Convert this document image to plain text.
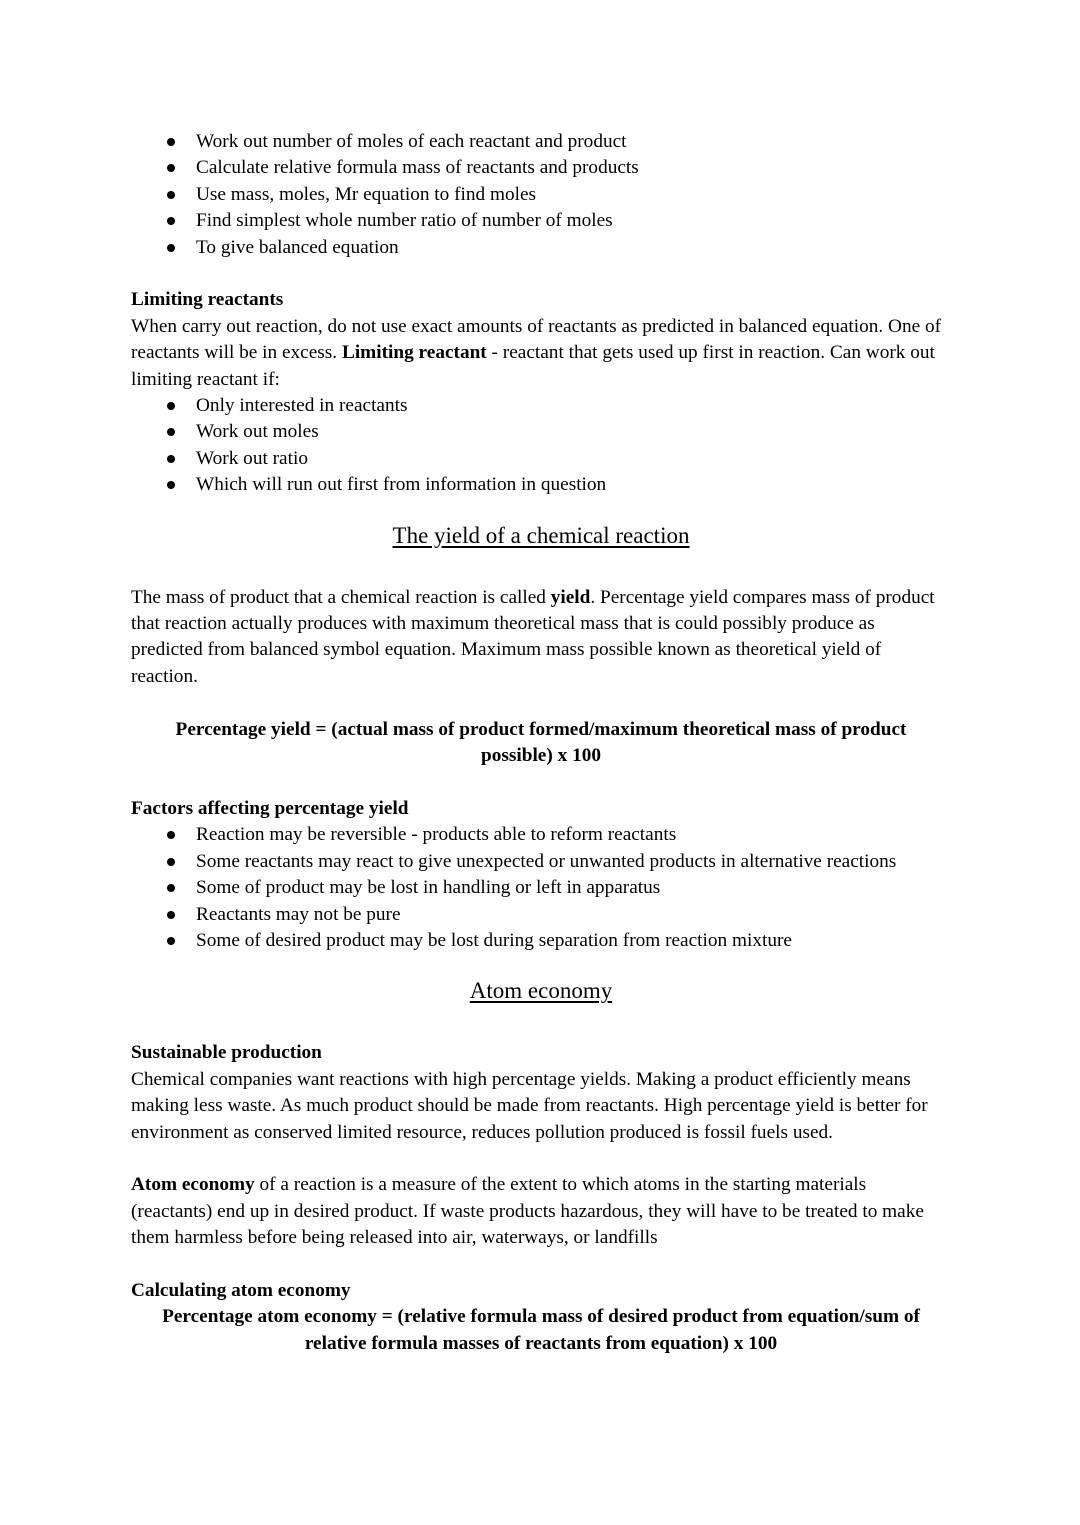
Work out number of moles of each reactant and product
Calculate relative formula mass of reactants and products
Use mass, moles, Mr equation to find moles
Find simplest whole number ratio of number of moles
To give balanced equation
Limiting reactants

When carry out reaction, do not use exact amounts of reactants as predicted in balanced equation. One of reactants will be in excess. Limiting reactant - reactant that gets used up first in reaction. Can work out limiting reactant if:

Only interested in reactants
Work out moles
Work out ratio
Which will run out first from information in question
The yield of a chemical reaction

The mass of product that a chemical reaction is called yield. Percentage yield compares mass of product that reaction actually produces with maximum theoretical mass that is could possibly produce as predicted from balanced symbol equation. Maximum mass possible known as theoretical yield of reaction.

Percentage yield = (actual mass of product formed/maximum theoretical mass of product
possible) x 100

Factors affecting percentage yield
Reaction may be reversible - products able to reform reactants
Some reactants may react to give unexpected or unwanted products in alternative reactions
Some of product may be lost in handling or left in apparatus
Reactants may not be pure
Some of desired product may be lost during separation from reaction mixture
Atom economy
Sustainable production

Chemical companies want reactions with high percentage yields. Making a product efficiently means making less waste. As much product should be made from reactants. High percentage yield is better for environment as conserved limited resource, reduces pollution produced is fossil fuels used.

Atom economy of a reaction is a measure of the extent to which atoms in the starting materials (reactants) end up in desired product. If waste products hazardous, they will have to be treated to make them harmless before being released into air, waterways, or landfills

Calculating atom economy

Percentage atom economy = (relative formula mass of desired product from equation/sum of
relative formula masses of reactants from equation) x 100
